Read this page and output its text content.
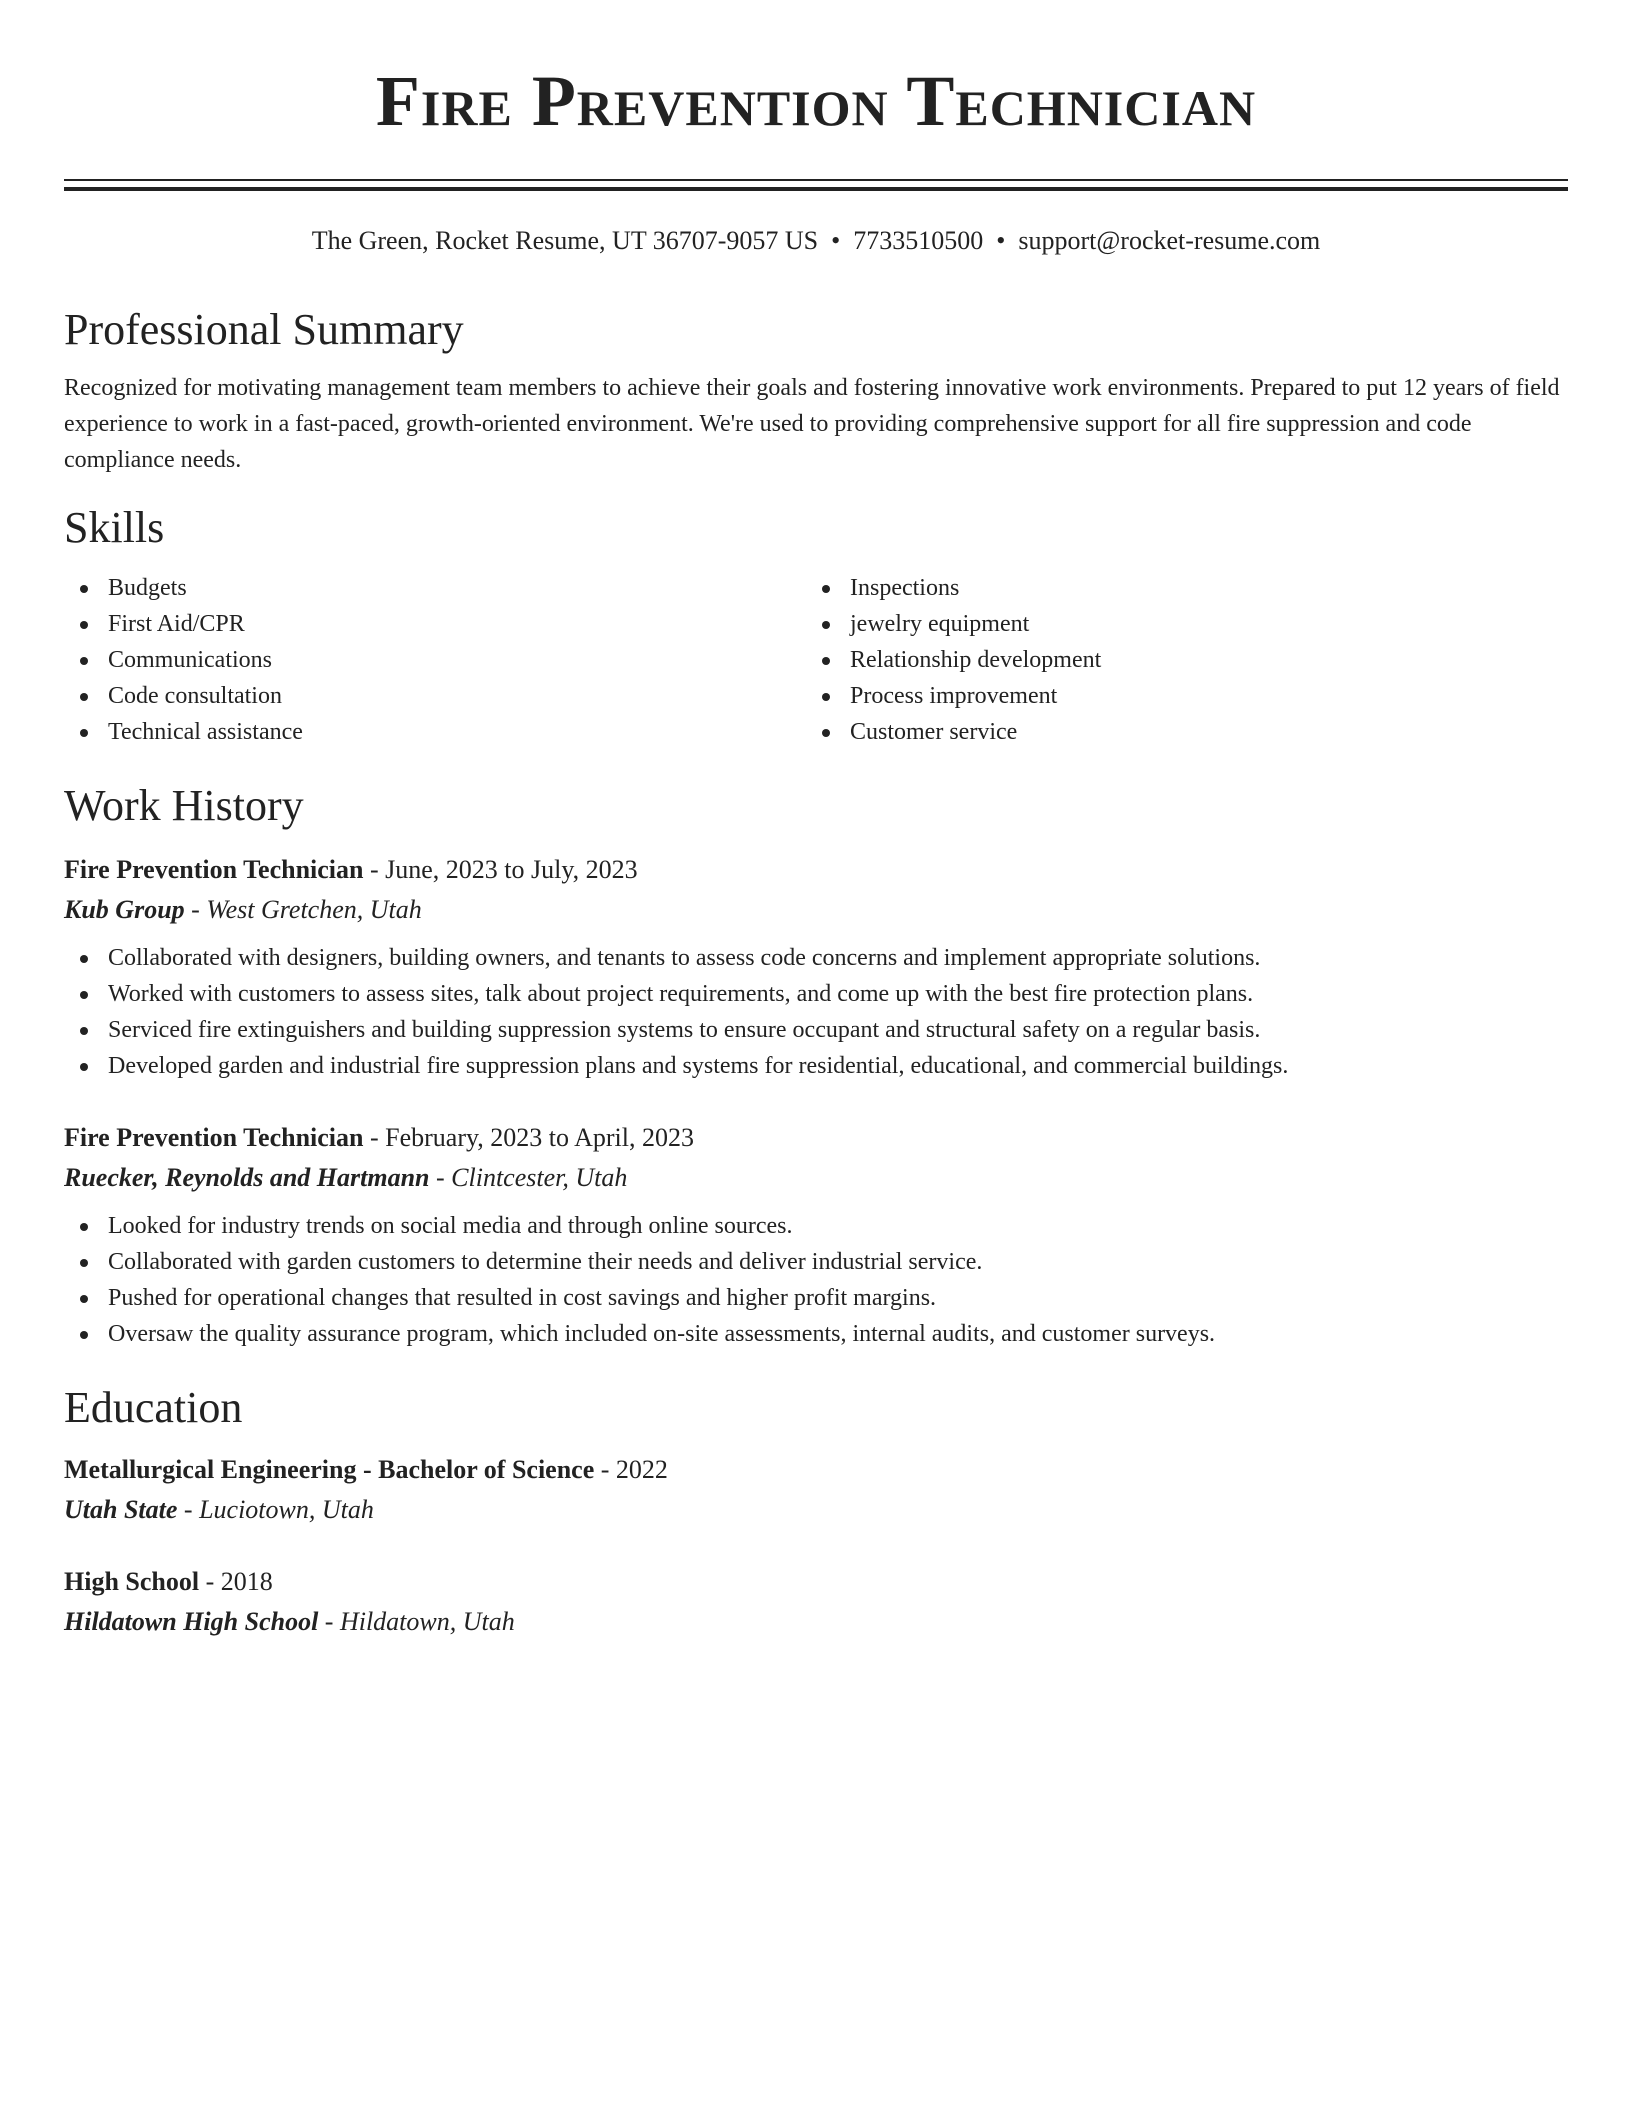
Fire Prevention Technician
The Green, Rocket Resume, UT 36707-9057 US • 7733510500 • support@rocket-resume.com
Professional Summary

Recognized for motivating management team members to achieve their goals and fostering innovative work environments. Prepared to put 12 years of field experience to work in a fast-paced, growth-oriented environment. We're used to providing comprehensive support for all fire suppression and code compliance needs.

Skills
Budgets
First Aid/CPR
Communications
Code consultation
Technical assistance
Inspections
jewelry equipment
Relationship development
Process improvement
Customer service
Work History
Fire Prevention Technician - June, 2023 to July, 2023
Kub Group - West Gretchen, Utah
Collaborated with designers, building owners, and tenants to assess code concerns and implement appropriate solutions.
Worked with customers to assess sites, talk about project requirements, and come up with the best fire protection plans.
Serviced fire extinguishers and building suppression systems to ensure occupant and structural safety on a regular basis.
Developed garden and industrial fire suppression plans and systems for residential, educational, and commercial buildings.
Fire Prevention Technician - February, 2023 to April, 2023
Ruecker, Reynolds and Hartmann - Clintcester, Utah
Looked for industry trends on social media and through online sources.
Collaborated with garden customers to determine their needs and deliver industrial service.
Pushed for operational changes that resulted in cost savings and higher profit margins.
Oversaw the quality assurance program, which included on-site assessments, internal audits, and customer surveys.
Education
Metallurgical Engineering - Bachelor of Science - 2022
Utah State - Luciotown, Utah
High School - 2018
Hildatown High School - Hildatown, Utah
